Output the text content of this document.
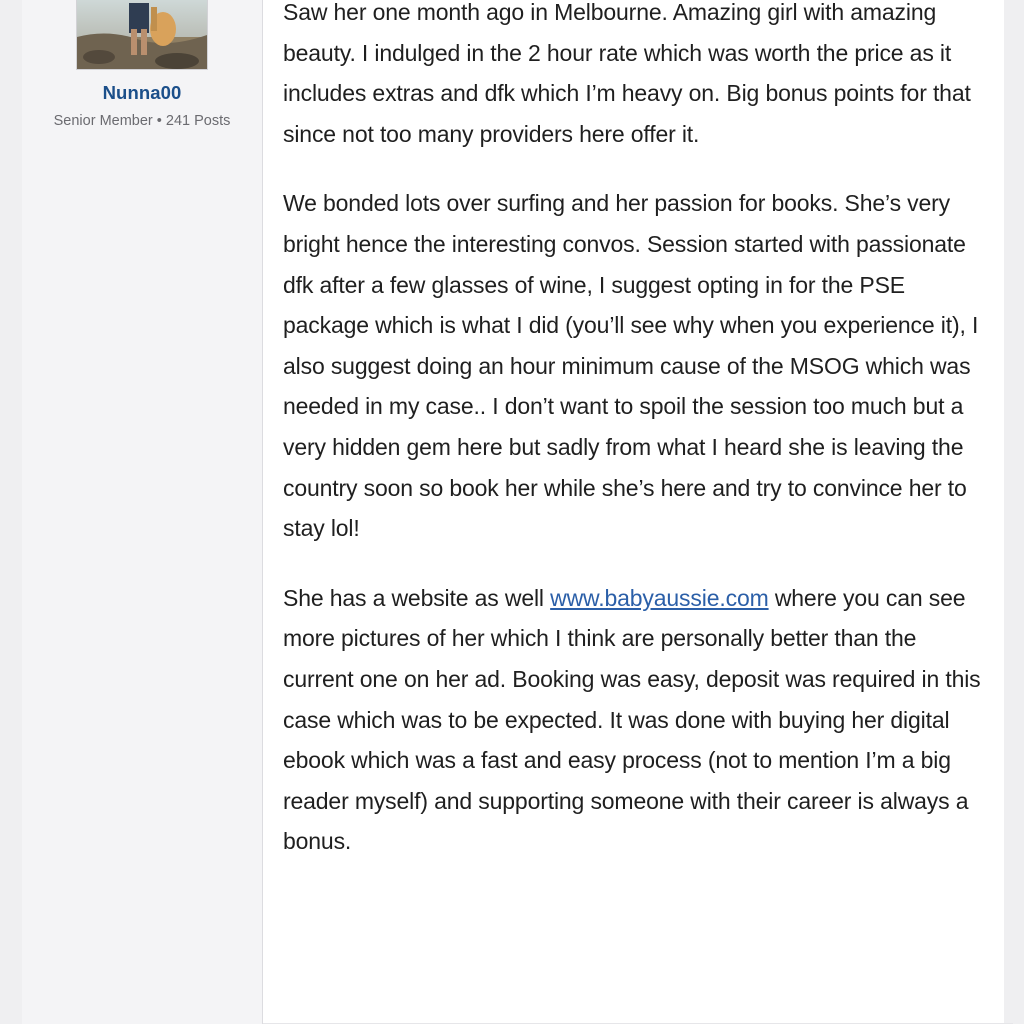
Nunna00
Senior Member • 241 Posts

Saw her one month ago in Melbourne. Amazing girl with amazing beauty. I indulged in the 2 hour rate which was worth the price as it includes extras and dfk which I’m heavy on. Big bonus points for that since not too many providers here offer it.

We bonded lots over surfing and her passion for books. She’s very bright hence the interesting convos. Session started with passionate dfk after a few glasses of wine, I suggest opting in for the PSE package which is what I did (you’ll see why when you experience it), I also suggest doing an hour minimum cause of the MSOG which was needed in my case.. I don’t want to spoil the session too much but a very hidden gem here but sadly from what I heard she is leaving the country soon so book her while she’s here and try to convince her to stay lol!

She has a website as well www.babyaussie.com where you can see more pictures of her which I think are personally better than the current one on her ad. Booking was easy, deposit was required in this case which was to be expected. It was done with buying her digital ebook which was a fast and easy process (not to mention I’m a big reader myself) and supporting someone with their career is always a bonus.
